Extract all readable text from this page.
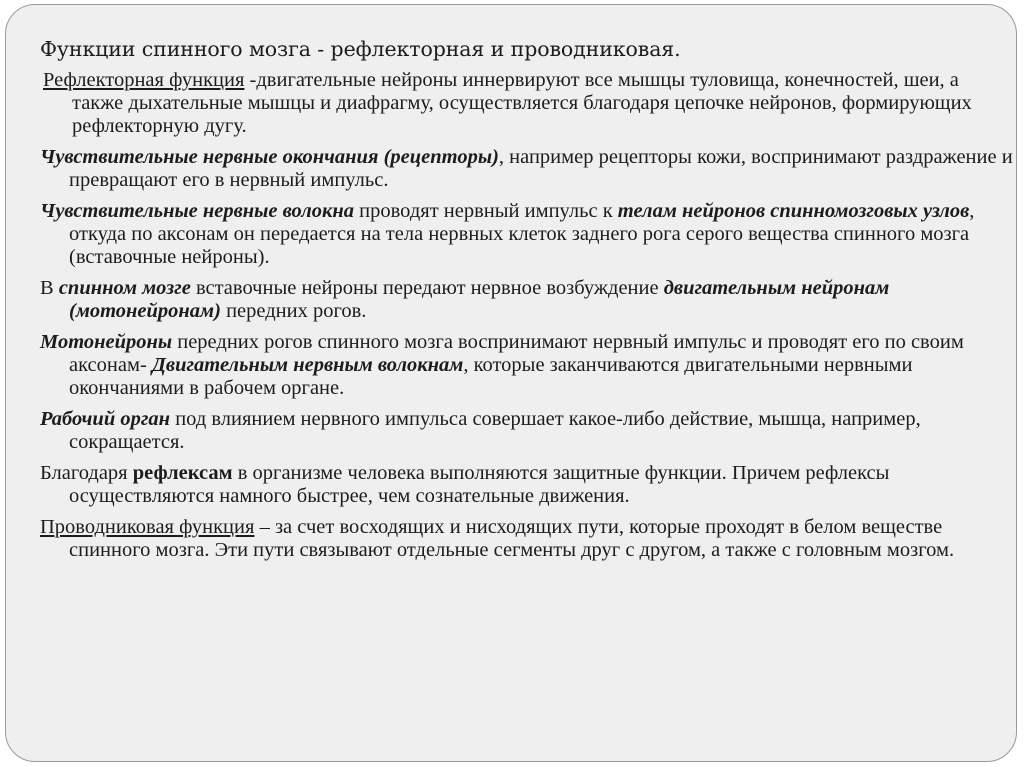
Функции спинного мозга - рефлекторная и проводниковая.
Рефлекторная функция -двигательные нейроны иннервируют все мышцы туловища, конечностей, шеи, а также дыхательные мышцы и диафрагму, осуществляется благодаря цепочке нейронов, формирующих рефлекторную дугу.
Чувствительные нервные окончания (рецепторы), например рецепторы кожи, воспринимают раздражение и превращают его в нервный импульс.
Чувствительные нервные волокна проводят нервный импульс к телам нейронов спинномозговых узлов, откуда по аксонам он передается на тела нервных клеток заднего рога серого вещества спинного мозга (вставочные нейроны).
В спинном мозге вставочные нейроны передают нервное возбуждение двигательным нейронам (мотонейронам) передних рогов.
Мотонейроны передних рогов спинного мозга воспринимают нервный импульс и проводят его по своим аксонам- Двигательным нервным волокнам, которые заканчиваются двигательными нервными окончаниями в рабочем органе.
Рабочий орган под влиянием нервного импульса совершает какое-либо действие, мышца, например, сокращается.
Благодаря рефлексам в организме человека выполняются защитные функции. Причем рефлексы осуществляются намного быстрее, чем сознательные движения.
Проводниковая функция – за счет восходящих и нисходящих пути, которые проходят в белом веществе спинного мозга. Эти пути связывают отдельные сегменты друг с другом, а также с головным мозгом.
